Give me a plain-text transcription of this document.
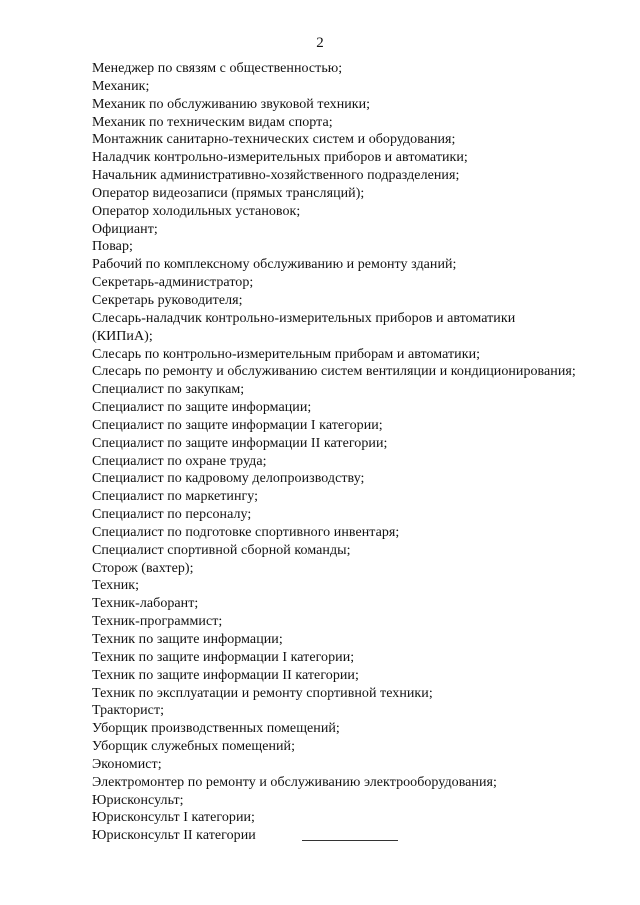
2
Менеджер по связям с общественностью;
Механик;
Механик по обслуживанию звуковой техники;
Механик по техническим видам спорта;
Монтажник санитарно-технических систем и оборудования;
Наладчик контрольно-измерительных приборов и автоматики;
Начальник административно-хозяйственного подразделения;
Оператор видеозаписи (прямых трансляций);
Оператор холодильных установок;
Официант;
Повар;
Рабочий по комплексному обслуживанию и ремонту зданий;
Секретарь-администратор;
Секретарь руководителя;
Слесарь-наладчик контрольно-измерительных приборов и автоматики
(КИПиА);
Слесарь по контрольно-измерительным приборам и автоматики;
Слесарь по ремонту и обслуживанию систем вентиляции и кондиционирования;
Специалист по закупкам;
Специалист по защите информации;
Специалист по защите информации I категории;
Специалист по защите информации II категории;
Специалист по охране труда;
Специалист по кадровому делопроизводству;
Специалист по маркетингу;
Специалист по персоналу;
Специалист по подготовке спортивного инвентаря;
Специалист спортивной сборной команды;
Сторож (вахтер);
Техник;
Техник-лаборант;
Техник-программист;
Техник по защите информации;
Техник по защите информации I категории;
Техник по защите информации II категории;
Техник по эксплуатации и ремонту спортивной техники;
Тракторист;
Уборщик производственных помещений;
Уборщик служебных помещений;
Экономист;
Электромонтер по ремонту и обслуживанию электрооборудования;
Юрисконсульт;
Юрисконсульт I категории;
Юрисконсульт II категории
